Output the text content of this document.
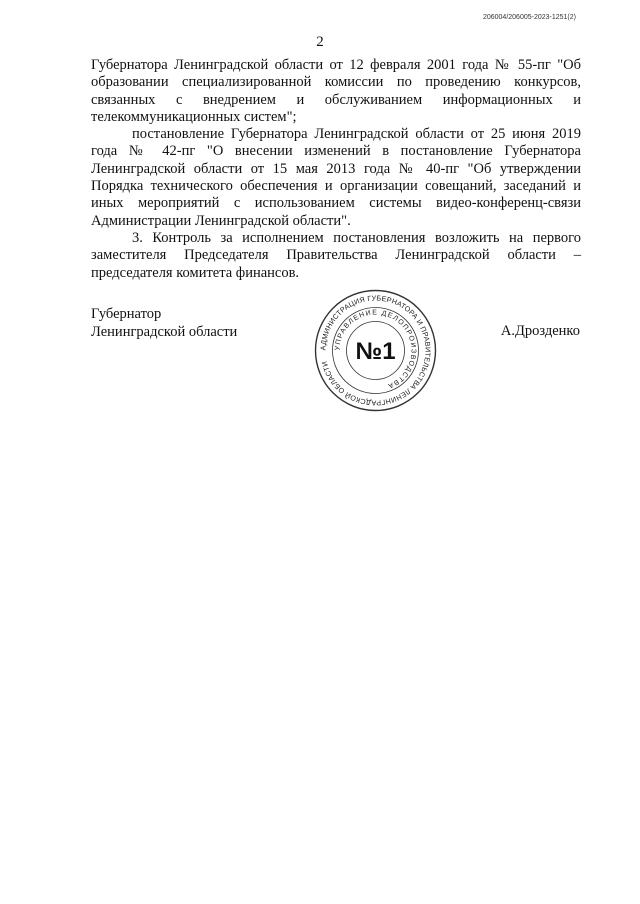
206004/206005-2023-1251(2)
2

Губернатора Ленинградской области от 12 февраля 2001 года № 55-пг "Об образовании специализированной комиссии по проведению конкурсов, связанных с внедрением и обслуживанием информационных и телекоммуникационных систем";

постановление Губернатора Ленинградской области от 25 июня 2019 года № 42-пг "О внесении изменений в постановление Губернатора Ленинградской области от 15 мая 2013 года № 40-пг "Об утверждении Порядка технического обеспечения и организации совещаний, заседаний и иных мероприятий с использованием системы видео-конференц-связи Администрации Ленинградской области".

3. Контроль за исполнением постановления возложить на первого заместителя Председателя Правительства Ленинградской области – председателя комитета финансов.

Губернатор
Ленинградской области	А.Дрозденко
АДМИНИСТРАЦИЯ ГУБЕРНАТОРА И ПРАВИТЕЛЬСТВА ЛЕНИНГРАДСКОЙ ОБЛАСТИ
УПРАВЛЕНИЕ ДЕЛОПРОИЗВОДСТВА
№1
